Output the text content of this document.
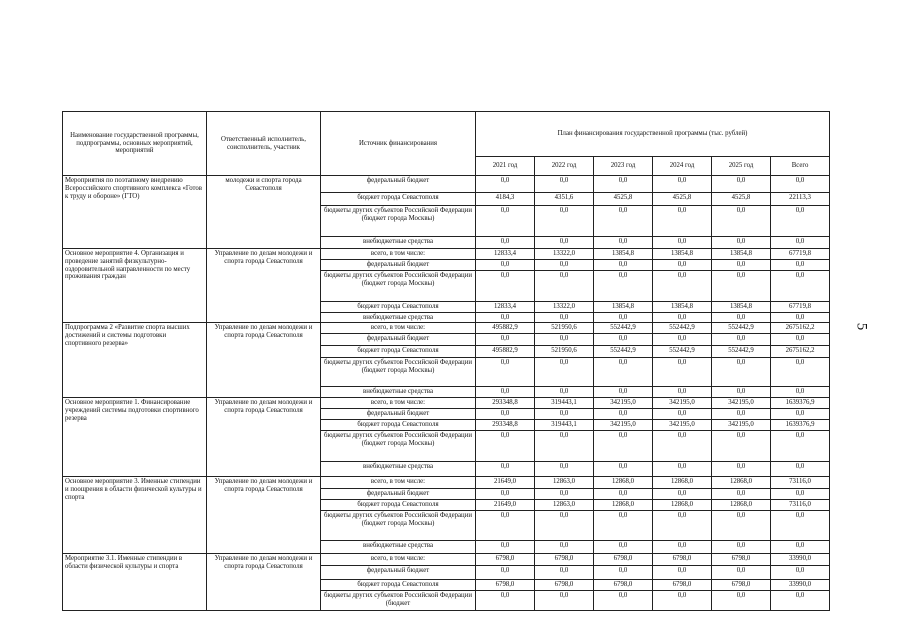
5
Наименование государственной программы, подпрограммы, основных мероприятий, мероприятий	Ответственный исполнитель, соисполнитель, участник	Источник финансирования	План финансирования государственной программы (тыс. рублей)					
			2021 год	2022 год	2023 год	2024 год	2025 год	Всего
Мероприятия по поэтапному внедрению Всероссийского спортивного комплекса «Готов к труду и обороне» (ГТО)	молодежи и спорта города Севастополя	федеральный бюджет	0,0	0,0	0,0	0,0	0,0	0,0
		бюджет города Севастополя	4184,3	4351,6	4525,8	4525,8	4525,8	22113,3
		бюджеты других субъектов Российской Федерации (бюджет города Москвы)	0,0	0,0	0,0	0,0	0,0	0,0
		внебюджетные средства	0,0	0,0	0,0	0,0	0,0	0,0
Основное мероприятие 4. Организация и проведение занятий физкультурно-оздоровительной направленности по месту проживания граждан	Управление по делам молодежи и спорта города Севастополя	всего, в том числе:	12833,4	13322,0	13854,8	13854,8	13854,8	67719,8
		федеральный бюджет	0,0	0,0	0,0	0,0	0,0	0,0
		бюджеты других субъектов Российской Федерации (бюджет города Москвы)	0,0	0,0	0,0	0,0	0,0	0,0
		бюджет города Севастополя	12833,4	13322,0	13854,8	13854,8	13854,8	67719,8
		внебюджетные средства	0,0	0,0	0,0	0,0	0,0	0,0
Подпрограмма 2 «Развитие спорта высших достижений и системы подготовки спортивного резерва»	Управление по делам молодежи и спорта города Севастополя	всего, в том числе:	495882,9	521950,6	552442,9	552442,9	552442,9	2675162,2
		федеральный бюджет	0,0	0,0	0,0	0,0	0,0	0,0
		бюджет города Севастополя	495882,9	521950,6	552442,9	552442,9	552442,9	2675162,2
		бюджеты других субъектов Российской Федерации (бюджет города Москвы)	0,0	0,0	0,0	0,0	0,0	0,0
		внебюджетные средства	0,0	0,0	0,0	0,0	0,0	0,0
Основное мероприятие 1. Финансирование учреждений системы подготовки спортивного резерва	Управление по делам молодежи и спорта города Севастополя	всего, в том числе:	293348,8	319443,1	342195,0	342195,0	342195,0	1639376,9
		федеральный бюджет	0,0	0,0	0,0	0,0	0,0	0,0
		бюджет города Севастополя	293348,8	319443,1	342195,0	342195,0	342195,0	1639376,9
		бюджеты других субъектов Российской Федерации (бюджет города Москвы)	0,0	0,0	0,0	0,0	0,0	0,0
		внебюджетные средства	0,0	0,0	0,0	0,0	0,0	0,0
Основное мероприятие 3. Именные стипендии и поощрения в области физической культуры и спорта	Управление по делам молодежи и спорта города Севастополя	всего, в том числе:	21649,0	12863,0	12868,0	12868,0	12868,0	73116,0
		федеральный бюджет	0,0	0,0	0,0	0,0	0,0	0,0
		бюджет города Севастополя	21649,0	12863,0	12868,0	12868,0	12868,0	73116,0
		бюджеты других субъектов Российской Федерации (бюджет города Москвы)	0,0	0,0	0,0	0,0	0,0	0,0
		внебюджетные средства	0,0	0,0	0,0	0,0	0,0	0,0
Мероприятие 3.1. Именные стипендии в области физической культуры и спорта	Управление по делам молодежи и спорта города Севастополя	всего, в том числе:	6798,0	6798,0	6798,0	6798,0	6798,0	33990,0
		федеральный бюджет	0,0	0,0	0,0	0,0	0,0	0,0
		бюджет города Севастополя	6798,0	6798,0	6798,0	6798,0	6798,0	33990,0
		бюджеты других субъектов Российской Федерации (бюджет	0,0	0,0	0,0	0,0	0,0	0,0
